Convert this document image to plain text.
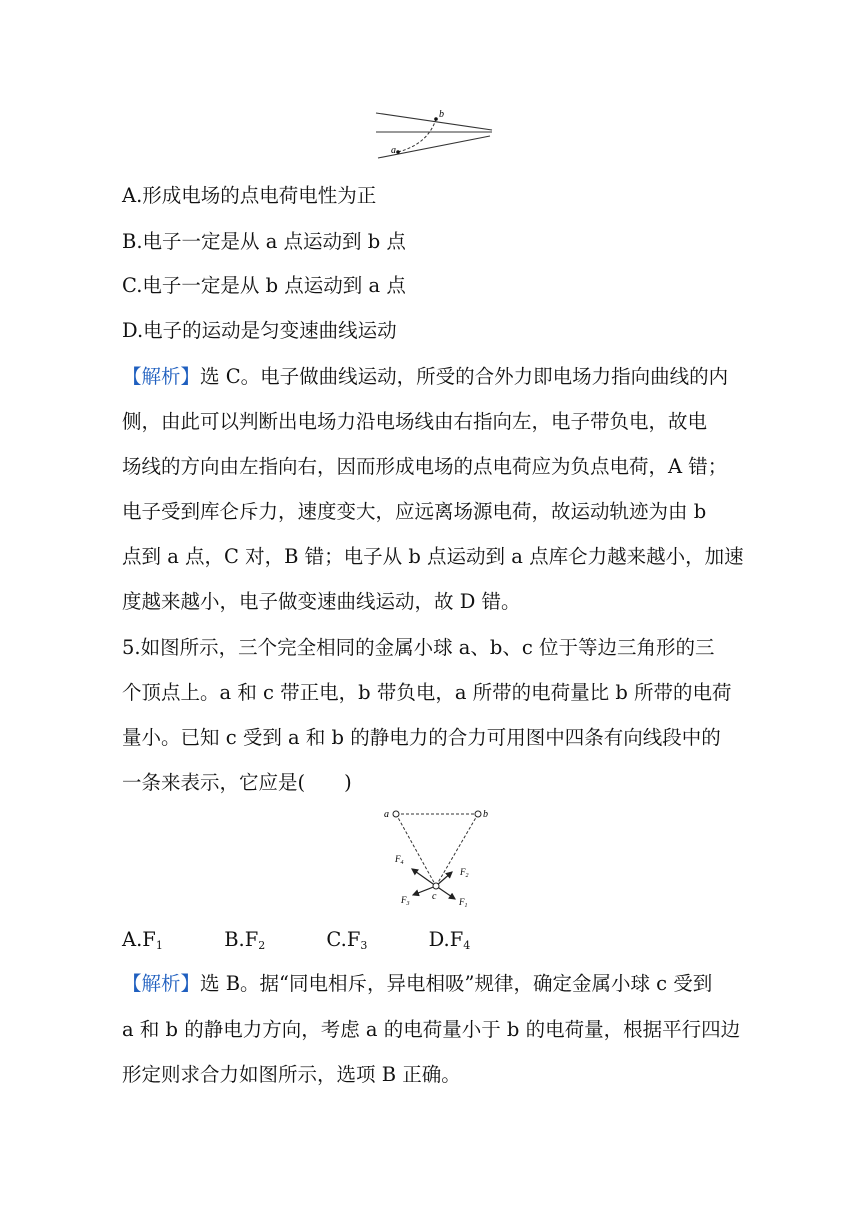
a
b
A.形成电场的点电荷电性为正
B.电子一定是从 a 点运动到 b 点
C.电子一定是从 b 点运动到 a 点
D.电子的运动是匀变速曲线运动
【解析】选 C。电子做曲线运动，所受的合外力即电场力指向曲线的内
侧，由此可以判断出电场力沿电场线由右指向左，电子带负电，故电
场线的方向由左指向右，因而形成电场的点电荷应为负点电荷，A 错；
电子受到库仑斥力，速度变大，应远离场源电荷，故运动轨迹为由 b
点到 a 点，C 对，B 错；电子从 b 点运动到 a 点库仑力越来越小，加速
度越来越小，电子做变速曲线运动，故 D 错。
5.如图所示，三个完全相同的金属小球 a、b、c 位于等边三角形的三
个顶点上。a 和 c 带正电，b 带负电，a 所带的电荷量比 b 所带的电荷
量小。已知 c 受到 a 和 b 的静电力的合力可用图中四条有向线段中的
一条来表示，它应是(　　)
a	b
c
$F_4$
$F_2$
$F_3$	$F_1$
$A.F_1$	$B.F_2$	$C.F_3$	$D.F_4$
【解析】选 B。据“同电相斥，异电相吸”规律，确定金属小球 c 受到
a 和 b 的静电力方向，考虑 a 的电荷量小于 b 的电荷量，根据平行四边
形定则求合力如图所示，选项 B 正确。
